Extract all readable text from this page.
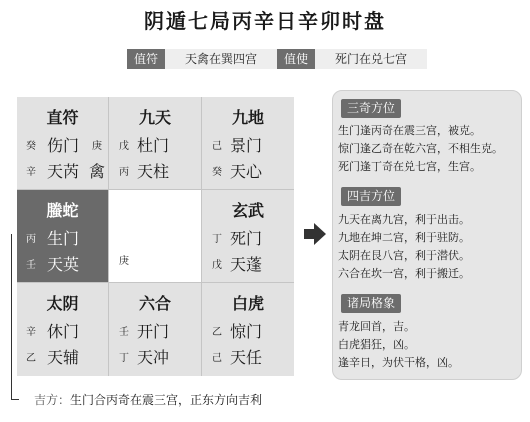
阴遁七局丙辛日辛卯时盘
值符	天禽在巽四宫	值使	死门在兑七宫
直符
癸 伤门 庚
辛 天芮 禽
九天
戊 杜门
丙 天柱
九地
己 景门
癸 天心
螣蛇
丙 生门
壬 天英	庚
玄武
丁 死门
戊 天蓬
太阴
辛 休门
乙 天辅
六合
壬 开门
丁 天冲
白虎
乙 惊门
己 天任
三奇方位
生门逢丙奇在震三宫，被克。
惊门逢乙奇在乾六宫，不相生克。
死门逢丁奇在兑七宫，生宫。
四吉方位
九天在离九宫，利于出击。
九地在坤二宫，利于驻防。
太阴在艮八宫，利于潜伏。
六合在坎一宫，利于搬迁。
诸局格象
青龙回首，吉。
白虎猖狂，凶。
逢辛日，为伏干格，凶。
吉方：生门合丙奇在震三宫，正东方向吉利
